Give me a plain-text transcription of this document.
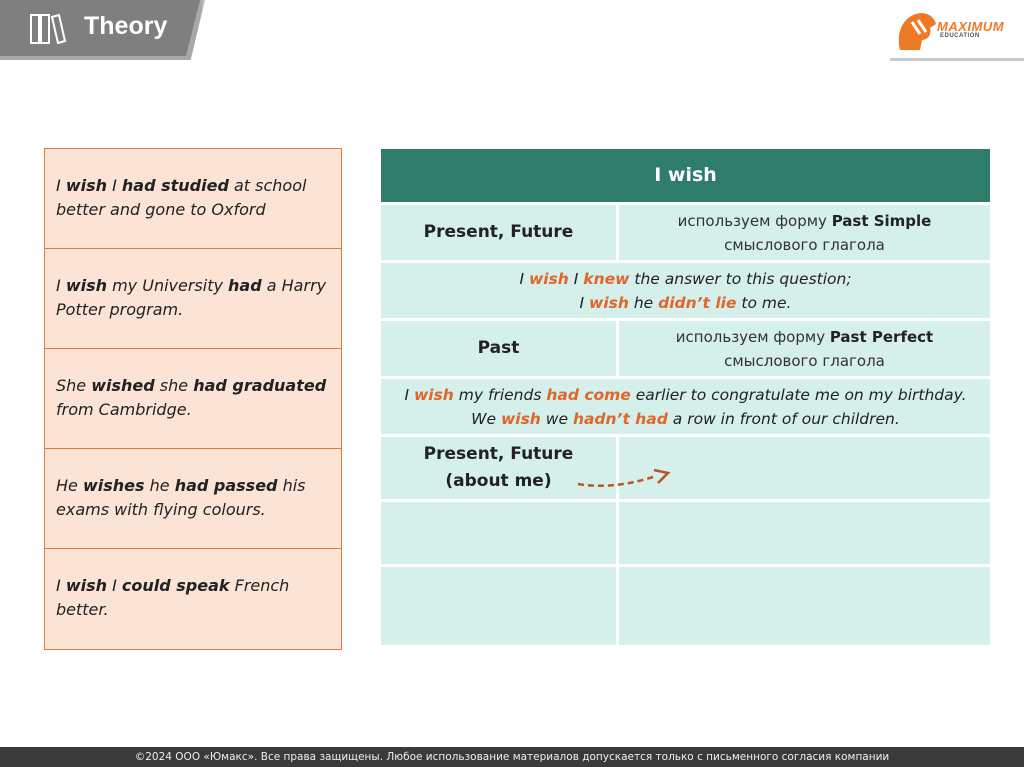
Theory	MAXIMUM
EDUCATION
I wish I had studied at school better and gone to Oxford
I wish my University had a Harry Potter program.
She wished she had graduated from Cambridge.
He wishes he had passed his exams with flying colours.
I wish I could speak French better.
I wish
Present, Future
используем форму Past Simple
смыслового глагола
I wish I knew the answer to this question;
I wish he didn’t lie to me.
Past
используем форму Past Perfect
смыслового глагола
I wish my friends had come earlier to congratulate me on my birthday.
We wish we hadn’t had a row in front of our children.
Present, Future
(about me)
©2024 ООО «Юмакс». Все права защищены. Любое использование материалов допускается только с письменного согласия компании
